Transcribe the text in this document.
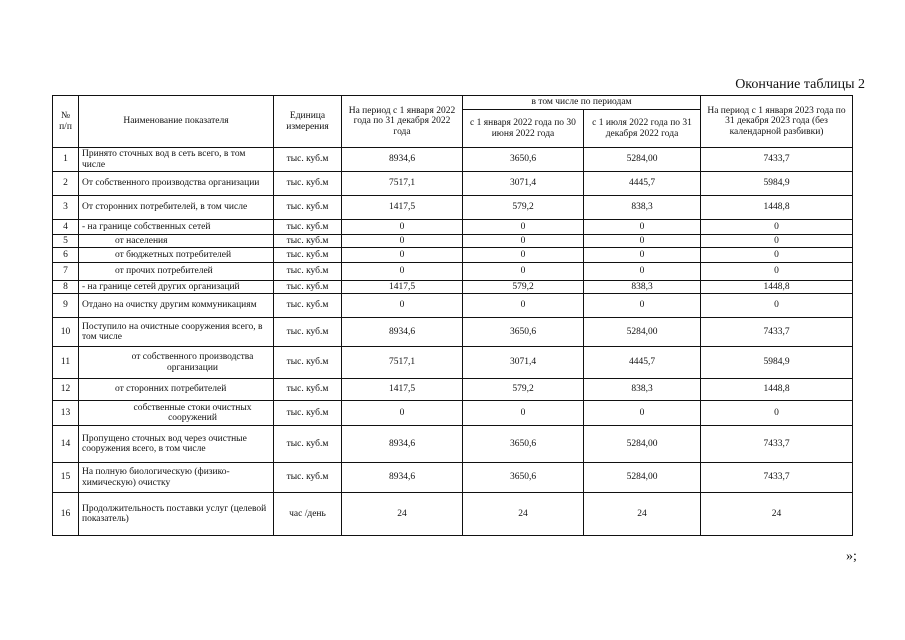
Окончание таблицы 2
№ п/п	Наименование показателя	Единица измерения	На период с 1 января 2022 года по 31 декабря 2022 года	в том числе по периодам		На период с 1 января 2023 года по 31 декабря 2023 года (без календарной разбивки)
				с 1 января 2022 года по 30 июня 2022 года	с 1 июля 2022 года по 31 декабря 2022 года	
1	Принято сточных вод в сеть всего, в том числе	тыс. куб.м	8934,6	3650,6	5284,00	7433,7
2	От собственного производства организации	тыс. куб.м	7517,1	3071,4	4445,7	5984,9
3	От сторонних потребителей, в том числе	тыс. куб.м	1417,5	579,2	838,3	1448,8
4	- на границе собственных сетей	тыс. куб.м	0	0	0	0
5	от населения	тыс. куб.м	0	0	0	0
6	от бюджетных потребителей	тыс. куб.м	0	0	0	0
7	от прочих потребителей	тыс. куб.м	0	0	0	0
8	- на границе сетей других организаций	тыс. куб.м	1417,5	579,2	838,3	1448,8
9	Отдано на очистку другим коммуникациям	тыс. куб.м	0	0	0	0
10	Поступило на очистные сооружения всего, в том числе	тыс. куб.м	8934,6	3650,6	5284,00	7433,7
11	от собственного производства организации	тыс. куб.м	7517,1	3071,4	4445,7	5984,9
12	от сторонних потребителей	тыс. куб.м	1417,5	579,2	838,3	1448,8
13	собственные стоки очистных сооружений	тыс. куб.м	0	0	0	0
14	Пропущено сточных вод через очистные сооружения всего, в том числе	тыс. куб.м	8934,6	3650,6	5284,00	7433,7
15	На полную биологическую (физико-химическую) очистку	тыс. куб.м	8934,6	3650,6	5284,00	7433,7
16	Продолжительность поставки услуг (целевой показатель)	час /день	24	24	24	24
»;
